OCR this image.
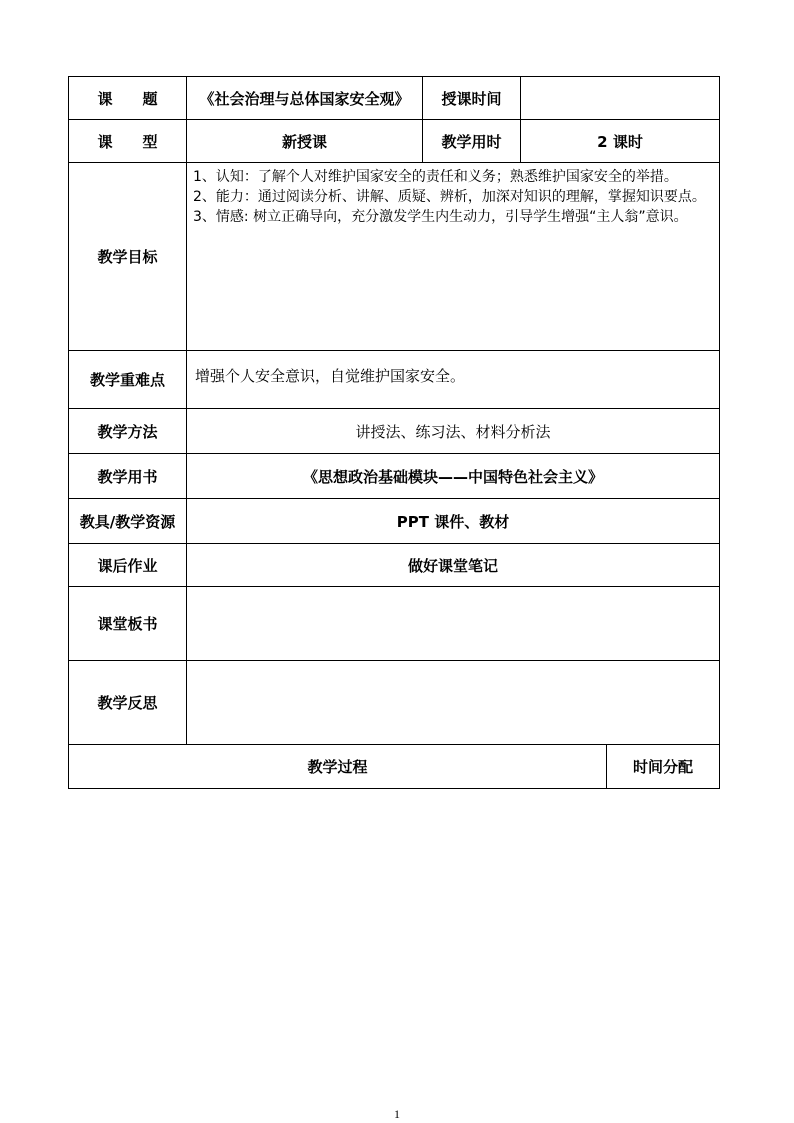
课　　题	《社会治理与总体国家安全观》	授课时间		
课　　型	新授课	教学用时	2 课时	
教学目标	1、认知：了解个人对维护国家安全的责任和义务；熟悉维护国家安全的举措。
2、能力：通过阅读分析、讲解、质疑、辨析，加深对知识的理解，掌握知识要点。
3、情感: 树立正确导向，充分激发学生内生动力，引导学生增强“主人翁”意识。			

教学重难点	增强个人安全意识，自觉维护国家安全。			
教学方法	讲授法、练习法、材料分析法			
教学用书	《思想政治基础模块——中国特色社会主义》			
教具/教学资源	PPT 课件、教材			
课后作业	做好课堂笔记			
课堂板书				
教学反思				
教学过程				时间分配
1
